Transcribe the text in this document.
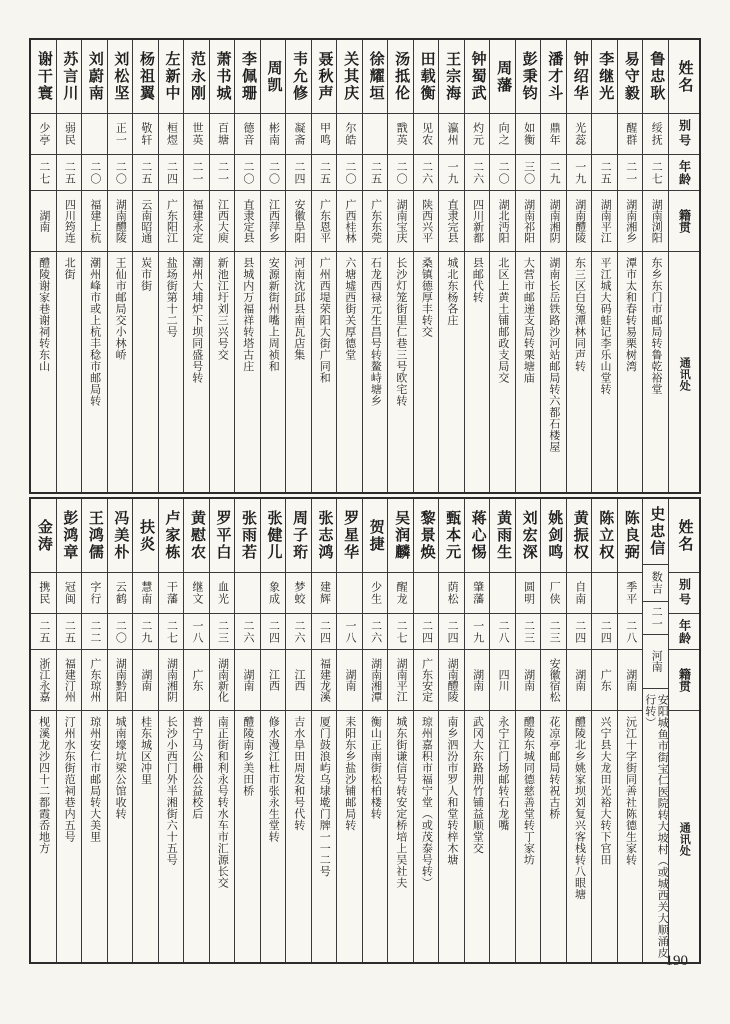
姓名
别号
年龄
籍贯
通讯处
鲁忠耿
绥抚
二七
湖南浏阳
东乡东门市邮局转鲁乾裕堂
易守毅
醒群
二一
湖南湘乡
潭市太和春转易栗树湾
李继光
二五
湖南平江
平江城大码蛙记李乐山堂转
钟绍华
光蕊
一九
湖南醴陵
东三区白兔潭林同声转
潘才斗
鼎年
二九
湖南湘阴
湖南长岳铁路沙河站邮局转六都石楼屋
彭秉钧
如衡
三〇
湖南祁阳
大营市邮递支局转栗塘庙
周藩
向之
二〇
湖北沔阳
北区上黄土铺邮政支局交
钟蜀武
灼元
二六
四川新都
县邮代转
王宗海
瀛州
一九
直隶完县
城北东杨各庄
田载衡
见农
二六
陕西兴平
桑镇德厚丰转交
汤抵伦
戬英
二〇
湖南宝庆
长沙灯笼街里仁巷三号欧宅转
徐耀垣
二五
广东东莞
石龙西禄元生昌号转鳌峙塘乡
关其庆
尔皓
二〇
广西桂林
六塘墟西街关厚德堂
聂秋声
甲鸣
二五
广东恩平
广州西堤荣阳大街广同和
韦允修
凝斋
二四
安徽阜阳
河南沈邱县南瓦店集
周凯
彬南
二〇
江西萍乡
安源新街州嘴上周祯和
李佩珊
德音
二〇
直隶定县
县城内万福祥转塔古庄
萧书城
百塘
二一
江西大庾
新池江圩刘三兴号交
范永刚
世英
二一
福建永定
潮州大埔炉下坝同盛号转
左新中
桓煜
二四
广东阳江
盐场街第十二号
杨祖翼
敬轩
二五
云南昭通
炭市街
刘松坚
正一
二〇
湖南醴陵
王仙市邮局交小林峤
刘蔚南
二〇
福建上杭
潮州峰市或上杭丰稔市邮局转
苏言川
弱民
二五
四川筠连
北街
谢干寰
少亭
二七
湖南
醴陵谢家巷谢祠转东山
姓名
别号
年龄
籍贯
通讯处
史忠信
数吉
二一
河南
安阳城鱼市街宝仁医院转大坡村（或城西关大顺涌皮行转）
陈良弼
季平
二八
湖南
沅江十字街同善社陈德生家转
陈立权
二四
广东
兴宁县大龙田光裕大转下官田
黄振权
自南
二四
湖南
醴陵北乡姚家坝刘复兴客栈转八眼塘
姚剑鸣
厂侠
二三
安徽宿松
花凉亭邮局转祝古桥
刘宏深
圆明
二三
湖南
醴陵东城同德慈善堂转丁家坊
黄雨生
二八
四川
永宁江门场邮转石龙嘴
蒋心惕
肇藩
一九
湖南
武冈大东路荆竹铺益顺堂交
甄本元
荫松
二四
湖南醴陵
南乡泗汾市罗人和堂转梓木塘
黎景焕
二四
广东安定
琼州嘉积市福宁堂（或茂泰号转）
吴润麟
醒龙
二七
湖南平江
城东街谦信号转安定桥培上吴社夫
贺捷
少生
二六
湖南湘潭
衡山正南街松柏楼转
罗星华
一八
湖南
耒阳东乡盐沙铺邮局转
张志鸿
建辉
二四
福建龙溪
厦门鼓浪屿乌埭墘门牌一一二号
周子珩
梦蛟
二六
江西
吉水阜田周发和号代转
张健儿
象成
二四
江西
修水漫江杜市张永生堂转
张雨若
二六
湖南
醴陵南乡美田桥
罗平白
血光
二三
湖南新化
南正街和利永号转水车市汇源长交
黄慰农
继文
一八
广东
普宁马公栅公益校后
卢家栋
干藩
二七
湖南湘阴
长沙小西门外半湘街六十五号
扶炎
慧南
二九
湖南
桂东城区冲里
冯美朴
云鹤
二〇
湖南黔阳
城南壕坑梁公馆收转
王鸿儒
字行
二二
广东琼州
琼州安仁市邮局转大美里
彭鸿章
冠闽
二五
福建汀州
汀州水东街范祠巷内五号
金涛
携民
二五
浙江永嘉
枧溪龙沙四十二都霞岙地方
190
